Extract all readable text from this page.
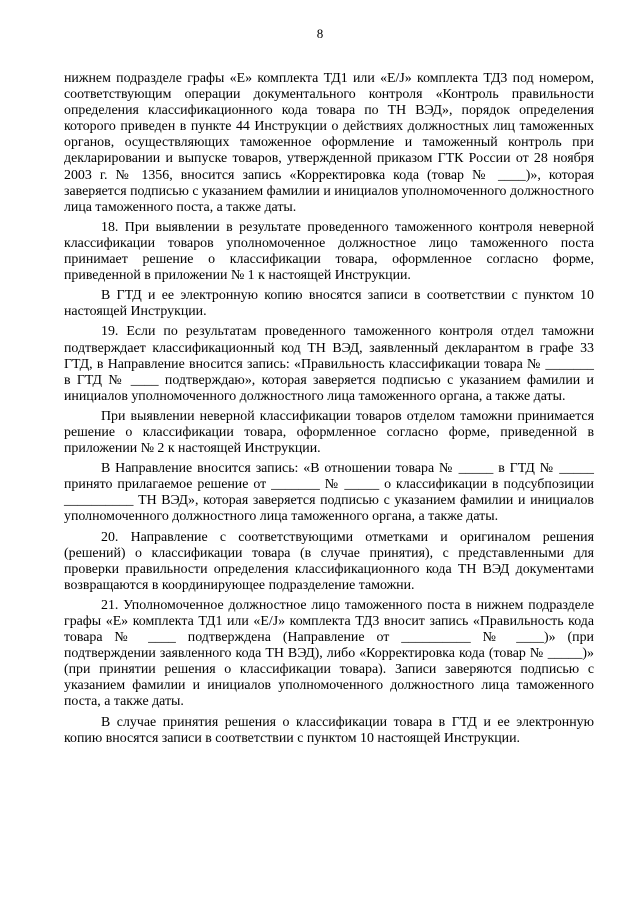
8

нижнем подразделе графы «Е» комплекта ТД1 или «Е/J» комплекта ТД3 под номером, соответствующим операции документального контроля «Контроль правильности определения классификационного кода товара по ТН ВЭД», порядок определения которого приведен в пункте 44 Инструкции о действиях должностных лиц таможенных органов, осуществляющих таможенное оформление и таможенный контроль при декларировании и выпуске товаров, утвержденной приказом ГТК России от 28 ноября 2003 г. № 1356, вносится запись «Корректировка кода (товар № ____)», которая заверяется подписью с указанием фамилии и инициалов уполномоченного должностного лица таможенного поста, а также даты.

18. При выявлении в результате проведенного таможенного контроля неверной классификации товаров уполномоченное должностное лицо таможенного поста принимает решение о классификации товара, оформленное согласно форме, приведенной в приложении № 1 к настоящей Инструкции.

В ГТД и ее электронную копию вносятся записи в соответствии с пунктом 10 настоящей Инструкции.

19. Если по результатам проведенного таможенного контроля отдел таможни подтверждает классификационный код ТН ВЭД, заявленный декларантом в графе 33 ГТД, в Направление вносится запись: «Правильность классификации товара № _______ в ГТД № ____ подтверждаю», которая заверяется подписью с указанием фамилии и инициалов уполномоченного должностного лица таможенного органа, а также даты.

При выявлении неверной классификации товаров отделом таможни принимается решение о классификации товара, оформленное согласно форме, приведенной в приложении № 2 к настоящей Инструкции.

В Направление вносится запись: «В отношении товара № _____ в ГТД № _____ принято прилагаемое решение от _______ № _____ о классификации в подсубпозиции __________ ТН ВЭД», которая заверяется подписью с указанием фамилии и инициалов уполномоченного должностного лица таможенного органа, а также даты.

20. Направление с соответствующими отметками и оригиналом решения (решений) о классификации товара (в случае принятия), с представленными для проверки правильности определения классификационного кода ТН ВЭД документами возвращаются в координирующее подразделение таможни.

21. Уполномоченное должностное лицо таможенного поста в нижнем подразделе графы «Е» комплекта ТД1 или «Е/J» комплекта ТД3 вносит запись «Правильность кода товара № ____ подтверждена (Направление от __________ № ____)» (при подтверждении заявленного кода ТН ВЭД), либо «Корректировка кода (товар № _____)» (при принятии решения о классификации товара). Записи заверяются подписью с указанием фамилии и инициалов уполномоченного должностного лица таможенного поста, а также даты.

В случае принятия решения о классификации товара в ГТД и ее электронную копию вносятся записи в соответствии с пунктом 10 настоящей Инструкции.
